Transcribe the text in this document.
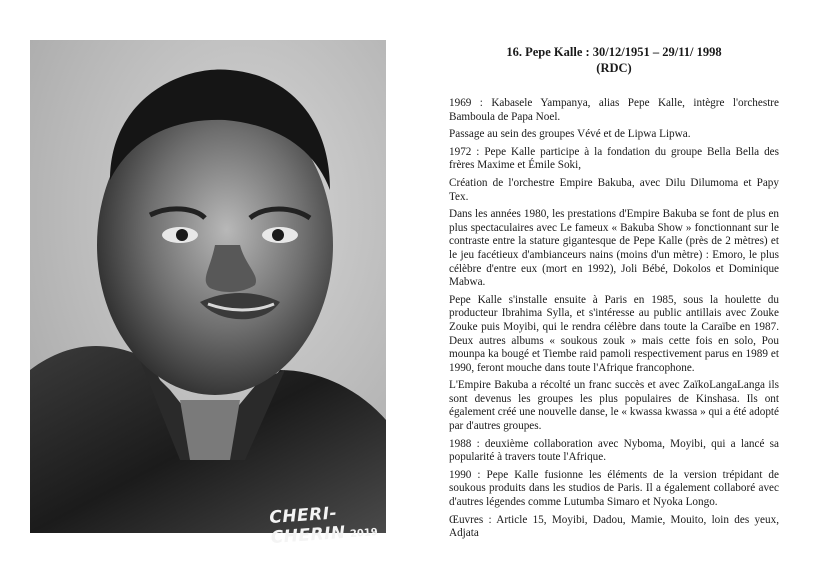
CHERI-CHERIN 2019
16. Pepe Kalle : 30/12/1951 – 29/11/ 1998
(RDC)

1969 : Kabasele Yampanya, alias Pepe Kalle, intègre l'orchestre Bamboula de Papa Noel.

Passage au sein des groupes Vévé et de Lipwa Lipwa.

1972 : Pepe Kalle participe à la fondation du groupe Bella Bella des frères Maxime et Émile Soki,

Création de l'orchestre Empire Bakuba, avec Dilu Dilumoma et Papy Tex.

Dans les années 1980, les prestations d'Empire Bakuba se font de plus en plus spectaculaires avec Le fameux « Bakuba Show » fonctionnant sur le contraste entre la stature gigantesque de Pepe Kalle (près de 2 mètres) et le jeu facétieux d'ambianceurs nains (moins d'un mètre) : Emoro, le plus célèbre d'entre eux (mort en 1992), Joli Bébé, Dokolos et Dominique Mabwa.

Pepe Kalle s'installe ensuite à Paris en 1985, sous la houlette du producteur Ibrahima Sylla, et s'intéresse au public antillais avec Zouke Zouke puis Moyibi, qui le rendra célèbre dans toute la Caraïbe en 1987. Deux autres albums « soukous zouk » mais cette fois en solo, Pou mounpa ka bougé et Tiembe raid pamoli respectivement parus en 1989 et 1990, feront mouche dans toute l'Afrique francophone.

L'Empire Bakuba a récolté un franc succès et avec ZaïkoLangaLanga ils sont devenus les groupes les plus populaires de Kinshasa. Ils ont également créé une nouvelle danse, le « kwassa kwassa » qui a été adopté par d'autres groupes.

1988 : deuxième collaboration avec Nyboma, Moyibi, qui a lancé sa popularité à travers toute l'Afrique.

1990 : Pepe Kalle fusionne les éléments de la version trépidant de soukous produits dans les studios de Paris. Il a également collaboré avec d'autres légendes comme Lutumba Simaro et Nyoka Longo.

Œuvres : Article 15, Moyibi, Dadou, Mamie, Mouito, loin des yeux, Adjata
